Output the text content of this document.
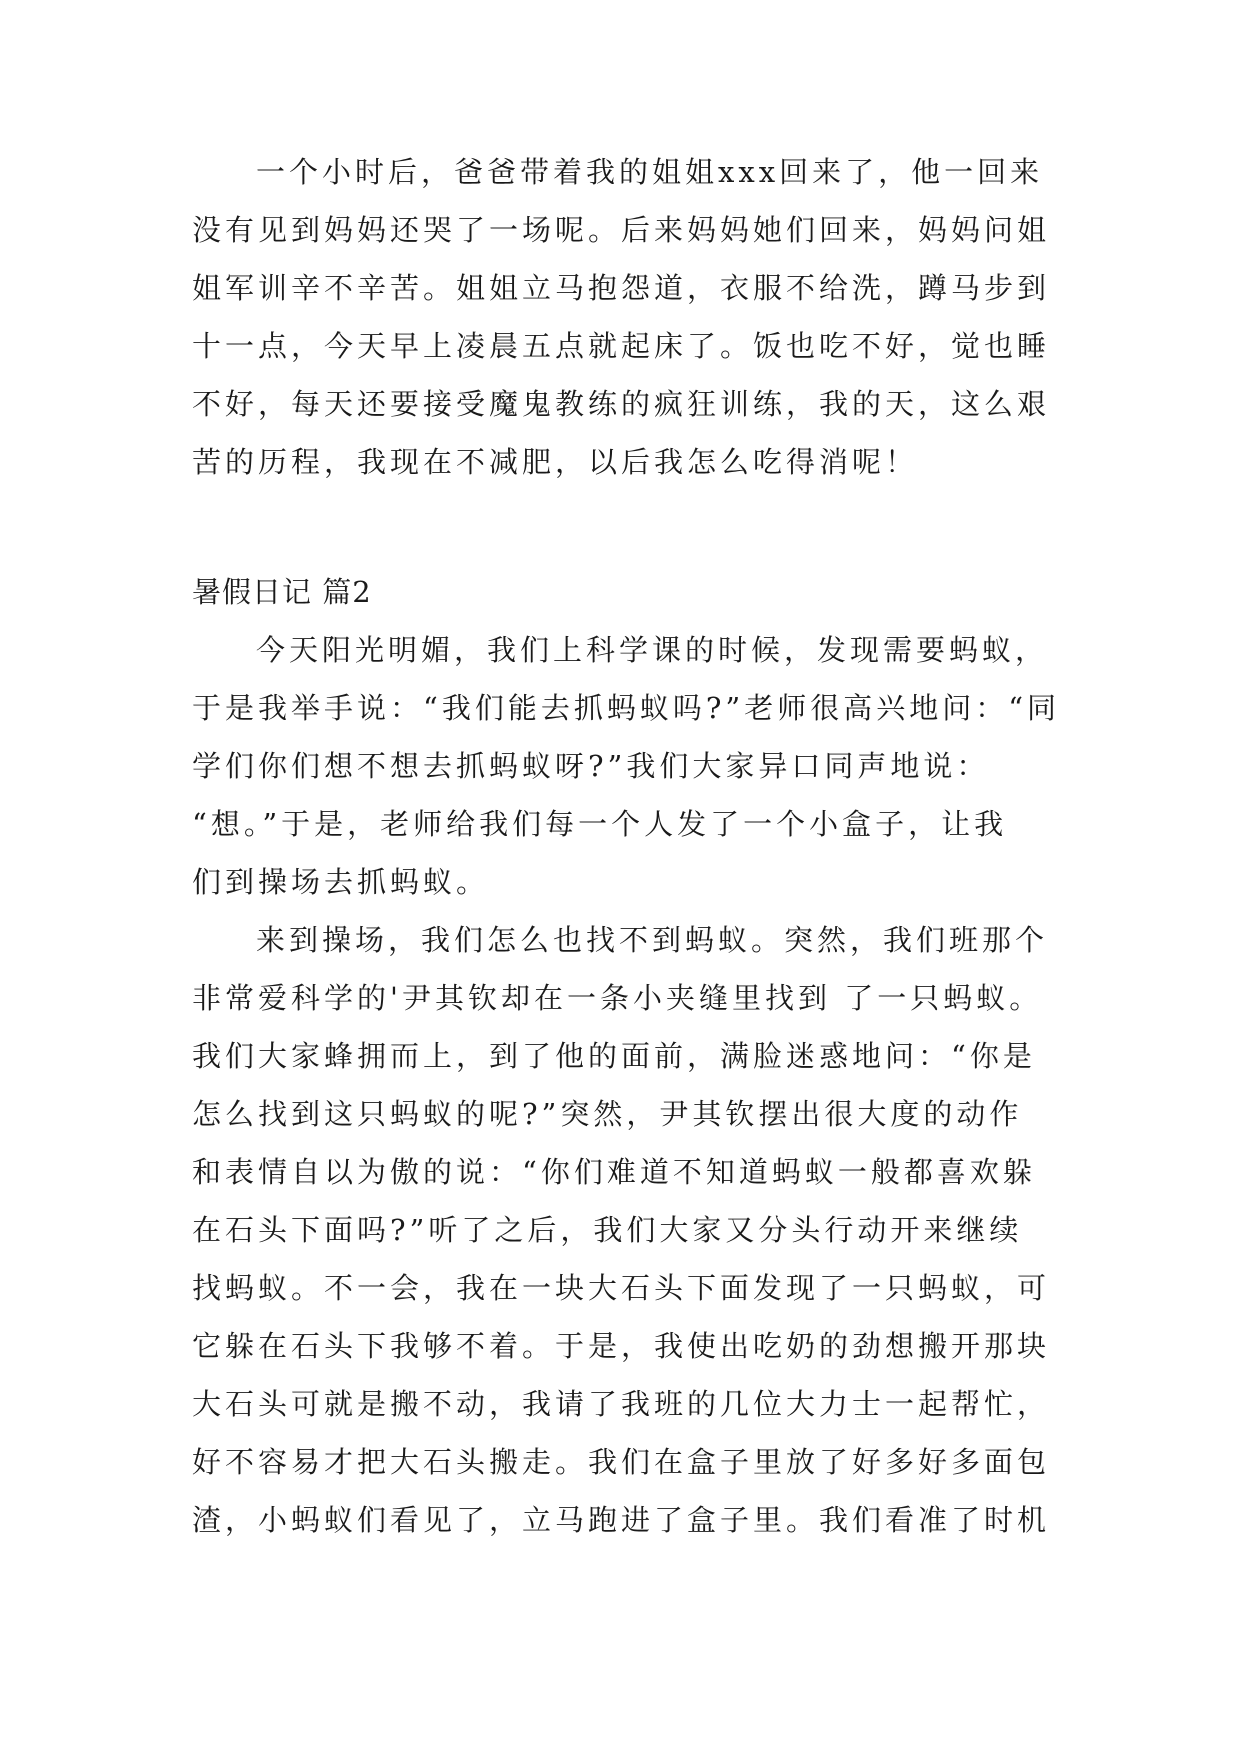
一个小时后，爸爸带着我的姐姐xxx回来了，他一回来
没有见到妈妈还哭了一场呢。后来妈妈她们回来，妈妈问姐
姐军训辛不辛苦。姐姐立马抱怨道，衣服不给洗，蹲马步到
十一点，今天早上凌晨五点就起床了。饭也吃不好，觉也睡
不好，每天还要接受魔鬼教练的疯狂训练，我的天，这么艰
苦的历程，我现在不减肥，以后我怎么吃得消呢！
暑假日记 篇2
今天阳光明媚，我们上科学课的时候，发现需要蚂蚁，
于是我举手说：“我们能去抓蚂蚁吗?”老师很高兴地问：“同
学们你们想不想去抓蚂蚁呀?”我们大家异口同声地说：
“想。”于是，老师给我们每一个人发了一个小盒子，让我
们到操场去抓蚂蚁。
来到操场，我们怎么也找不到蚂蚁。突然，我们班那个
非常爱科学的'尹其钦却在一条小夹缝里找到 了一只蚂蚁。
我们大家蜂拥而上，到了他的面前，满脸迷惑地问：“你是
怎么找到这只蚂蚁的呢?”突然，尹其钦摆出很大度的动作
和表情自以为傲的说：“你们难道不知道蚂蚁一般都喜欢躲
在石头下面吗?”听了之后，我们大家又分头行动开来继续
找蚂蚁。不一会，我在一块大石头下面发现了一只蚂蚁，可
它躲在石头下我够不着。于是，我使出吃奶的劲想搬开那块
大石头可就是搬不动，我请了我班的几位大力士一起帮忙，
好不容易才把大石头搬走。我们在盒子里放了好多好多面包
渣，小蚂蚁们看见了，立马跑进了盒子里。我们看准了时机
